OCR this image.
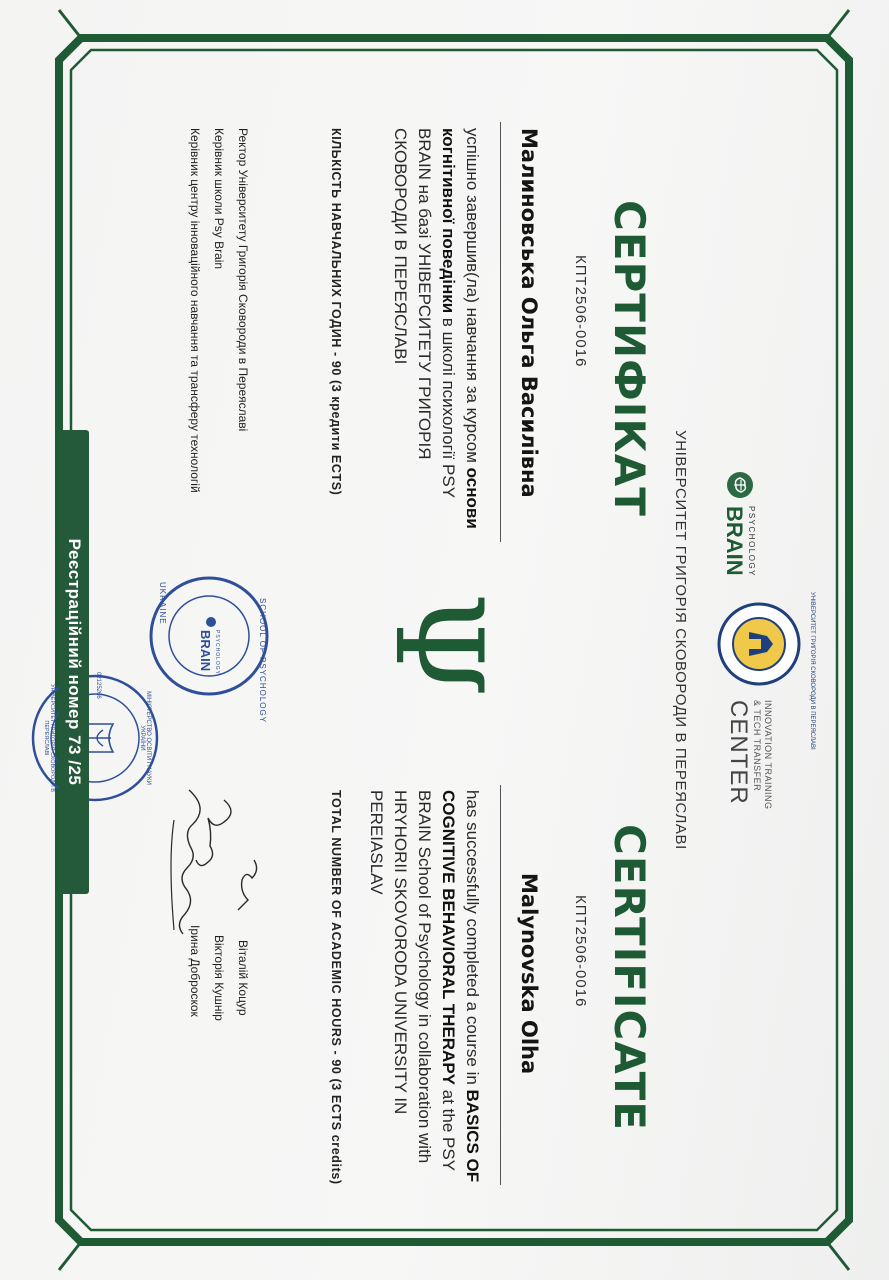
УНІВЕРСИТЕТ ГРИГОРІЯ СКОВОРОДИ В ПЕРЕЯСЛАВІ	PSYCHOLOGY
BRAIN
УНІВЕРСИТЕТ ГРИГОРІЯ СКОВОРОДИ В ПЕРЕЯСЛАВІ
INNOVATION TRAINING
& TECH TRANSFER
CENTER
СЕРТИФІКАТ
КПТ2506-0016
Малиновська Ольга Василівна
успішно завершив(ла) навчання за курсом основи когнітивної поведінки в школі психології PSY BRAIN на базі УНІВЕРСИТЕТУ ГРИГОРІЯ СКОВОРОДИ В ПЕРЕЯСЛАВІ
КІЛЬКІСТЬ НАВЧАЛЬНИХ ГОДИН - 90 (3 кредити ECTS)
Ректор Університету Григорія Сковороди в Переяславі
Керівник школи Psy Brain
Керівник центру інноваційного навчання та трансферу технологій
Ψ
CERTIFICATE
КПТ2506-0016
Malynovska Olha
has successfully completed a course in BASICS OF COGNITIVE BEHAVIORAL THERAPY at the PSY BRAIN School of Psychology in collaboration with HRYHORII SKOVORODA UNIVERSITY IN PEREIASLAV
TOTAL NUMBER OF ACADEMIC HOURS - 90 (3 ECTS credits)
Віталій Коцур
Вікторія Кушнір
Ірина Доброскок
SCHOOL OF PSYCHOLOGY
UKRAINE
PSYCHOLOGY
BRAIN
МІНІСТЕРСТВО ОСВІТИ І НАУКИ УКРАЇНИ
УНІВЕРСИТЕТ ГРИГОРІЯ СКОВОРОДИ В ПЕРЕЯСЛАВІ
02125266
Реєстраційний номер 73 /25
